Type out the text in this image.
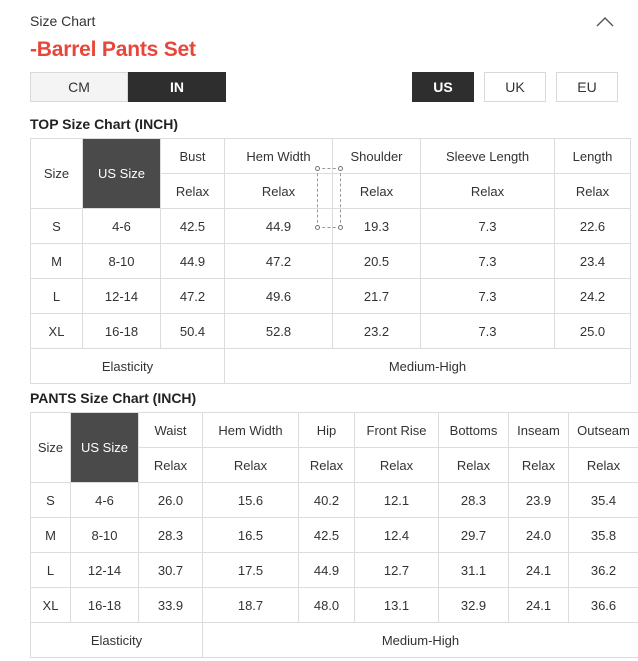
Size Chart
-Barrel Pants Set
CM	IN	US	UK	EU
TOP Size Chart (INCH)
Size	US Size	Bust	Hem Width	Shoulder	Sleeve Length	Length
		Relax	Relax	Relax	Relax	Relax
S	4-6	42.5	44.9	19.3	7.3	22.6
M	8-10	44.9	47.2	20.5	7.3	23.4
L	12-14	47.2	49.6	21.7	7.3	24.2
XL	16-18	50.4	52.8	23.2	7.3	25.0
Elasticity			Medium-High			
PANTS Size Chart (INCH)
Size	US Size	Waist	Hem Width	Hip	Front Rise	Bottoms	Inseam	Outseam
		Relax	Relax	Relax	Relax	Relax	Relax	Relax
S	4-6	26.0	15.6	40.2	12.1	28.3	23.9	35.4
M	8-10	28.3	16.5	42.5	12.4	29.7	24.0	35.8
L	12-14	30.7	17.5	44.9	12.7	31.1	24.1	36.2
XL	16-18	33.9	18.7	48.0	13.1	32.9	24.1	36.6
Elasticity			Medium-High					
